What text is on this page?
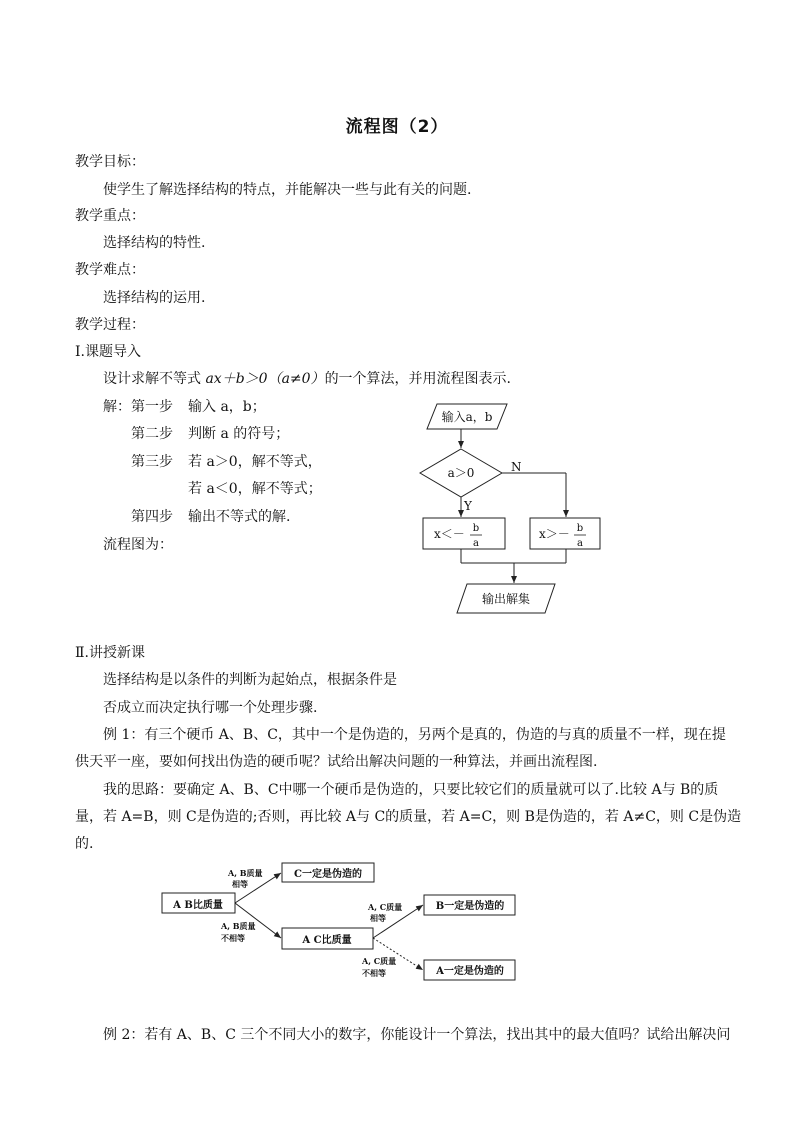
流程图（2）
教学目标：
使学生了解选择结构的特点，并能解决一些与此有关的问题.
教学重点：
选择结构的特性.
教学难点：
选择结构的运用.
教学过程：
Ⅰ.课题导入
设计求解不等式 ax＋b＞0（a≠0）的一个算法，并用流程图表示.
解：第一步 输入 a，b；
第二步 判断 a 的符号；
第三步 若 a＞0，解不等式，
若 a＜0，解不等式；
第四步 输出不等式的解.
流程图为：
输入a，b
a＞0	N
Y
x＜－ b
a
x＞－ b
a
输出解集
Ⅱ.讲授新课
选择结构是以条件的判断为起始点，根据条件是
否成立而决定执行哪一个处理步骤.
例 1：有三个硬币 A、B、C，其中一个是伪造的，另两个是真的，伪造的与真的质量不一样，现在提
供天平一座，要如何找出伪造的硬币呢？试给出解决问题的一种算法，并画出流程图.
我的思路：要确定 A、B、C中哪一个硬币是伪造的，只要比较它们的质量就可以了.比较 A与 B的质
量，若 A=B，则 C是伪造的;否则，再比较 A与 C的质量，若 A=C，则 B是伪造的，若 A≠C，则 C是伪造
的.
C一定是伪造的
A B比质量
A C比质量
B一定是伪造的
A一定是伪造的
A, B质量
相等
A, B质量
不相等
A, C质量
相等
A, C质量
不相等
例 2：若有 A、B、C 三个不同大小的数字，你能设计一个算法，找出其中的最大值吗？试给出解决问
